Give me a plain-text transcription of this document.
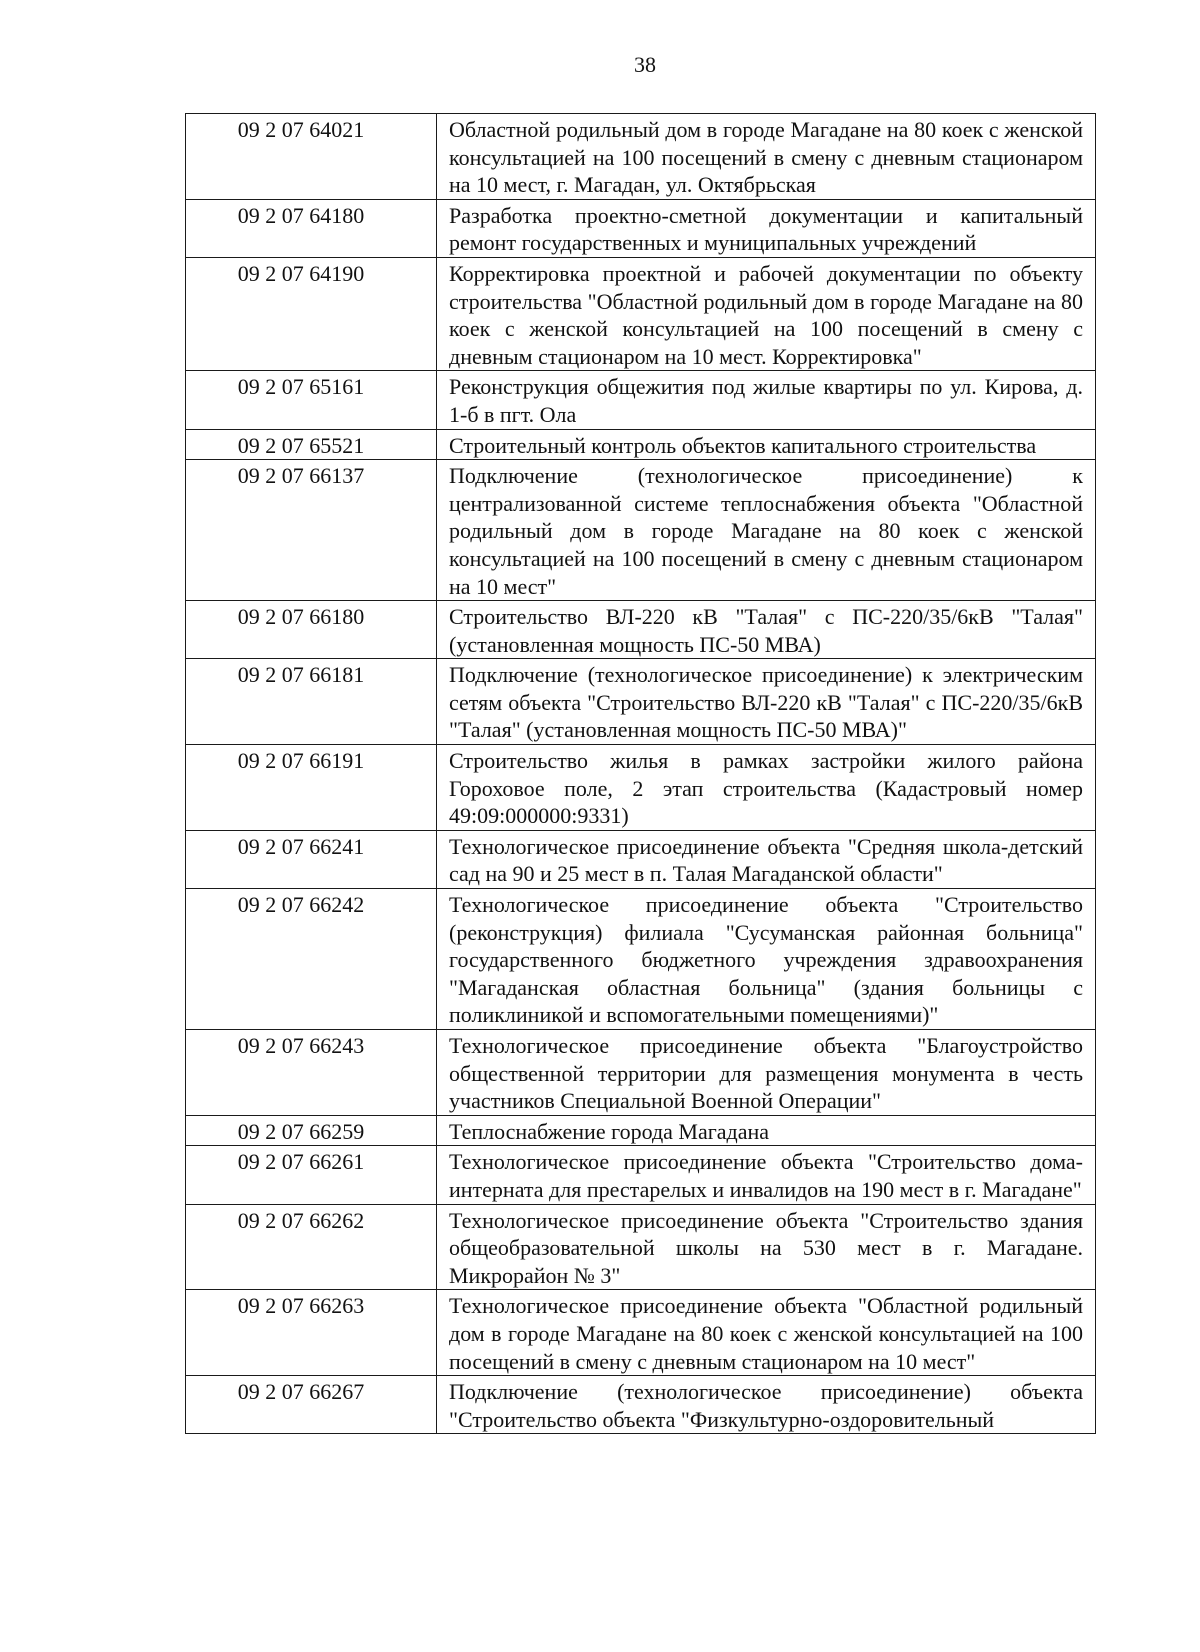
38
09 2 07 64021	Областной родильный дом в городе Магадане на 80 коек с женской консультацией на 100 посещений в смену с дневным стационаром на 10 мест, г. Магадан, ул. Октябрьская
09 2 07 64180	Разработка проектно-сметной документации и капитальный ремонт государственных и муниципальных учреждений
09 2 07 64190	Корректировка проектной и рабочей документации по объекту строительства "Областной родильный дом в городе Магадане на 80 коек с женской консультацией на 100 посещений в смену с дневным стационаром на 10 мест. Корректировка"
09 2 07 65161	Реконструкция общежития под жилые квартиры по ул. Кирова, д. 1-б в пгт. Ола
09 2 07 65521	Строительный контроль объектов капитального строительства
09 2 07 66137	Подключение (технологическое присоединение) к централизованной системе теплоснабжения объекта "Областной родильный дом в городе Магадане на 80 коек с женской консультацией на 100 посещений в смену с дневным стационаром на 10 мест"
09 2 07 66180	Строительство ВЛ-220 кВ "Талая" с ПС-220/35/6кВ "Талая" (установленная мощность ПС-50 МВА)
09 2 07 66181	Подключение (технологическое присоединение) к электрическим сетям объекта "Строительство ВЛ-220 кВ "Талая" с ПС-220/35/6кВ "Талая" (установленная мощность ПС-50 МВА)"
09 2 07 66191	Строительство жилья в рамках застройки жилого района Гороховое поле, 2 этап строительства (Кадастровый номер 49:09:000000:9331)
09 2 07 66241	Технологическое присоединение объекта "Средняя школа-детский сад на 90 и 25 мест в п. Талая Магаданской области"
09 2 07 66242	Технологическое присоединение объекта "Строительство (реконструкция) филиала "Сусуманская районная больница" государственного бюджетного учреждения здравоохранения "Магаданская областная больница" (здания больницы с поликлиникой и вспомогательными помещениями)"
09 2 07 66243	Технологическое присоединение объекта "Благоустройство общественной территории для размещения монумента в честь участников Специальной Военной Операции"
09 2 07 66259	Теплоснабжение города Магадана
09 2 07 66261	Технологическое присоединение объекта "Строительство дома-интерната для престарелых и инвалидов на 190 мест в г. Магадане"
09 2 07 66262	Технологическое присоединение объекта "Строительство здания общеобразовательной школы на 530 мест в г. Магадане. Микрорайон № 3"
09 2 07 66263	Технологическое присоединение объекта "Областной родильный дом в городе Магадане на 80 коек с женской консультацией на 100 посещений в смену с дневным стационаром на 10 мест"
09 2 07 66267	Подключение (технологическое присоединение) объекта "Строительство объекта "Физкультурно-оздоровительный
